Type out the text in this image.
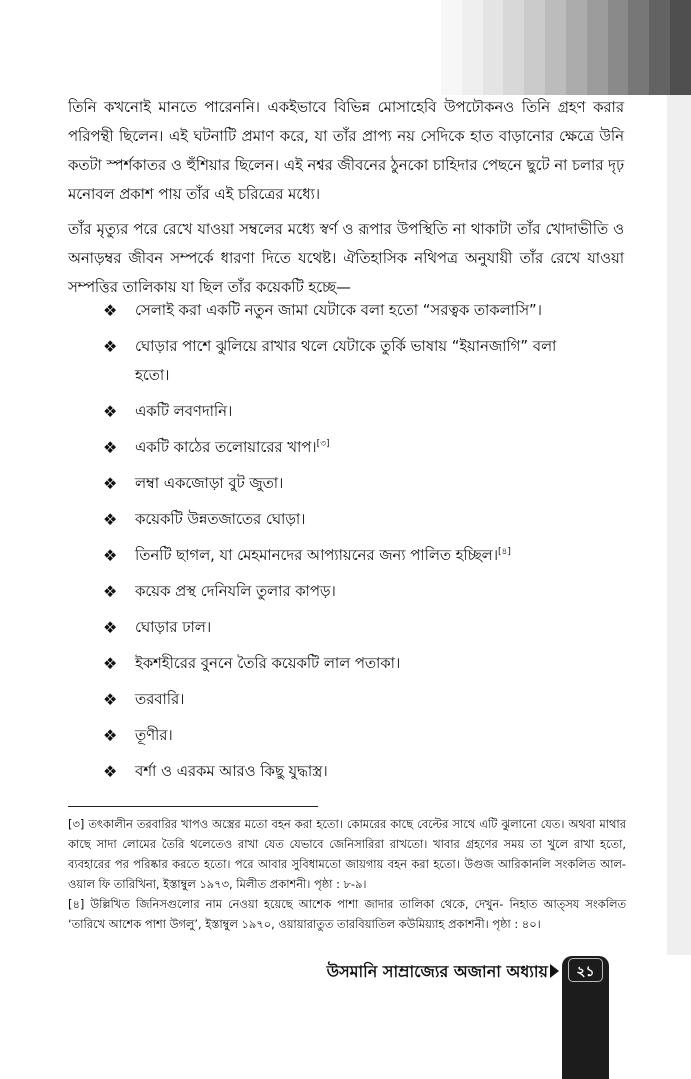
তিনি কখনোই মানতে পারেননি। একইভাবে বিভিন্ন মোসাহেবি উপঢৌকনও তিনি গ্রহণ করার পরিপন্থী ছিলেন। এই ঘটনাটি প্রমাণ করে, যা তাঁর প্রাপ্য নয় সেদিকে হাত বাড়ানোর ক্ষেত্রে উনি কতটা স্পর্শকাতর ও হুঁশিয়ার ছিলেন। এই নশ্বর জীবনের ঠুনকো চাহিদার পেছনে ছুটে না চলার দৃঢ় মনোবল প্রকাশ পায় তাঁর এই চরিত্রের মধ্যে।

তাঁর মৃত্যুর পরে রেখে যাওয়া সম্বলের মধ্যে স্বর্ণ ও রূপার উপস্থিতি না থাকাটা তাঁর খোদাভীতি ও অনাড়ম্বর জীবন সম্পর্কে ধারণা দিতে যথেষ্ট। ঐতিহাসিক নথিপত্র অনুযায়ী তাঁর রেখে যাওয়া সম্পত্তির তালিকায় যা ছিল তাঁর কয়েকটি হচ্ছে—

❖	সেলাই করা একটি নতুন জামা যেটাকে বলা হতো “সরত্বক তাকলাসি”।
❖	ঘোড়ার পাশে ঝুলিয়ে রাখার থলে যেটাকে তুর্কি ভাষায় “ইয়ানজাগি” বলা হতো।
❖	একটি লবণদানি।
❖	একটি কাঠের তলোয়ারের খাপ।[৩]
❖	লম্বা একজোড়া বুট জুতা।
❖	কয়েকটি উন্নতজাতের ঘোড়া।
❖	তিনটি ছাগল, যা মেহমানদের আপ্যায়নের জন্য পালিত হচ্ছিল।[৪]
❖	কয়েক প্রস্থ দেনিযলি তুলার কাপড়।
❖	ঘোড়ার ঢাল।
❖	ইকশহীরের বুননে তৈরি কয়েকটি লাল পতাকা।
❖	তরবারি।
❖	তূণীর।
❖	বর্শা ও এরকম আরও কিছু যুদ্ধাস্ত্র।

[৩] তৎকালীন তরবারির খাপও অস্ত্রের মতো বহন করা হতো। কোমরের কাছে বেল্টের সাথে এটি ঝুলানো যেত। অথবা মাথার কাছে সাদা লোমের তৈরি থলেতেও রাখা যেত যেভাবে জেনিসারিরা রাখতো। খাবার গ্রহণের সময় তা খুলে রাখা হতো, ব্যবহারের পর পরিষ্কার করতে হতো। পরে আবার সুবিধামতো জায়গায় বহন করা হতো। উগুজ আরিকানলি সংকলিত আল-ওয়াল ফি তারিখিনা, ইস্তাম্বুল ১৯৭৩, মিলীত প্রকাশনী। পৃষ্ঠা : ৮-৯।

[৪] উল্লিখিত জিনিসগুলোর নাম নেওয়া হয়েছে আশেক পাশা জাদার তালিকা থেকে, দেখুন- নিহাত আত্‌সয সংকলিত ‘তারিখে আশেক পাশা উগলু’, ইস্তাম্বুল ১৯৭০, ওয়ায়ারাতুত তারবিয়াতিল কউমিয়্যাহ প্রকাশনী। পৃষ্ঠা : ৪০।

উসমানি সাম্রাজ্যের অজানা অধ্যায়	২১
